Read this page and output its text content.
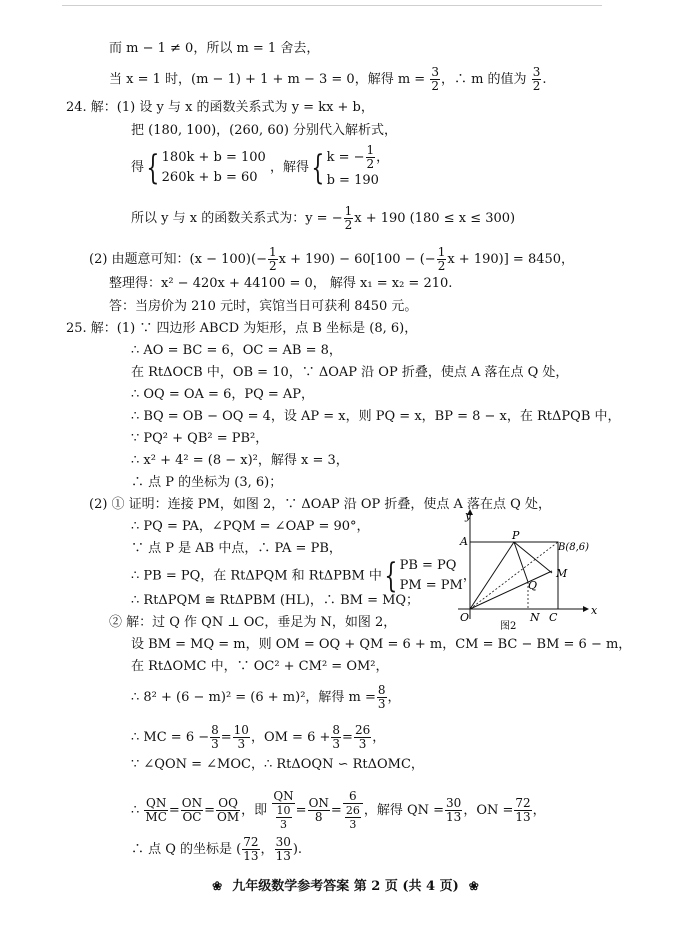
而 m − 1 ≠ 0，所以 m = 1 舍去，
当 x = 1 时，(m − 1) + 1 + m − 3 = 0，解得 $m = \frac{3}{2}$ ，∴ m 的值为 $\frac{3}{2}$ .
24. 解：(1) 设 y 与 x 的函数关系式为 y = kx + b，
把 (180, 100)，(260, 60) 分别代入解析式，
得{ 180k + b = 100
260k + b = 60
，解得{ k = − $\frac{1}{2}$ ，
b = 190
所以 y 与 x 的函数关系式为：y = − $\frac{1}{2}$ x + 190 (180 ≤ x ≤ 300)
(2) 由题意可知：$(x - 100)(- \frac{1}{2}$ x + 190) − 60[100 − (− $\frac{1}{2}$ x + 190)] = 8450，
整理得：x² − 420x + 44100 = 0， 解得 x₁ = x₂ = 210.
答：当房价为 210 元时，宾馆当日可获利 8450 元。
25. 解：(1) ∵ 四边形 ABCD 为矩形，点 B 坐标是 (8, 6)，
∴ AO = BC = 6，OC = AB = 8，
在 RtΔOCB 中，OB = 10，∵ ΔOAP 沿 OP 折叠，使点 A 落在点 Q 处，
∴ OQ = OA = 6，PQ = AP，
∴ BQ = OB − OQ = 4，设 AP = x，则 PQ = x，BP = 8 − x，在 RtΔPQB 中，
∵ PQ² + QB² = PB²，
∴ x² + 4² = (8 − x)²，解得 x = 3，
∴ 点 P 的坐标为 (3, 6)；
(2) ① 证明：连接 PM，如图 2，∵ ΔOAP 沿 OP 折叠，使点 A 落在点 Q 处，
∴ PQ = PA，∠PQM = ∠OAP = 90°，
∵ 点 P 是 AB 中点，∴ PA = PB，
∴ PB = PQ，在 RtΔPQM 和 RtΔPBM 中{ PB = PQ
PM = PM
，
∴ RtΔPQM ≅ RtΔPBM (HL)，∴ BM = MQ；
② 解：过 Q 作 QN ⊥ OC，垂足为 N，如图 2，
设 BM = MQ = m，则 OM = OQ + QM = 6 + m，CM = BC − BM = 6 − m，
在 RtΔOMC 中，∵ OC² + CM² = OM²，
∴ 8² + (6 − m)² = (6 + m)²，解得 $m = \frac{8}{3}$ ，
∴ MC = $6 - \frac{8}{3} = \frac{10}{3}$ ，OM = $6 + \frac{8}{3} = \frac{26}{3}$ ，
∵ ∠QON = ∠MOC，∴ RtΔOQN ∽ RtΔOMC，
∴ $\frac{QN}{MC} = \frac{ON}{OC} = \frac{OQ}{OM}$ ，即 $\frac{QN}{\frac{10}{3}} = \frac{ON}{8} = \frac{6}{\frac{26}{3}}$ ，解得 QN = $\frac{30}{13}$ ，ON = $\frac{72}{13}$ ，
∴ 点 Q 的坐标是 ( $\frac{72}{13}$ ， $\frac{30}{13}$ ).
y
x
A	P
B(8,6)
M
Q
O	N C
图2
❀ 九年级数学参考答案 第 2 页 (共 4 页) ❀
